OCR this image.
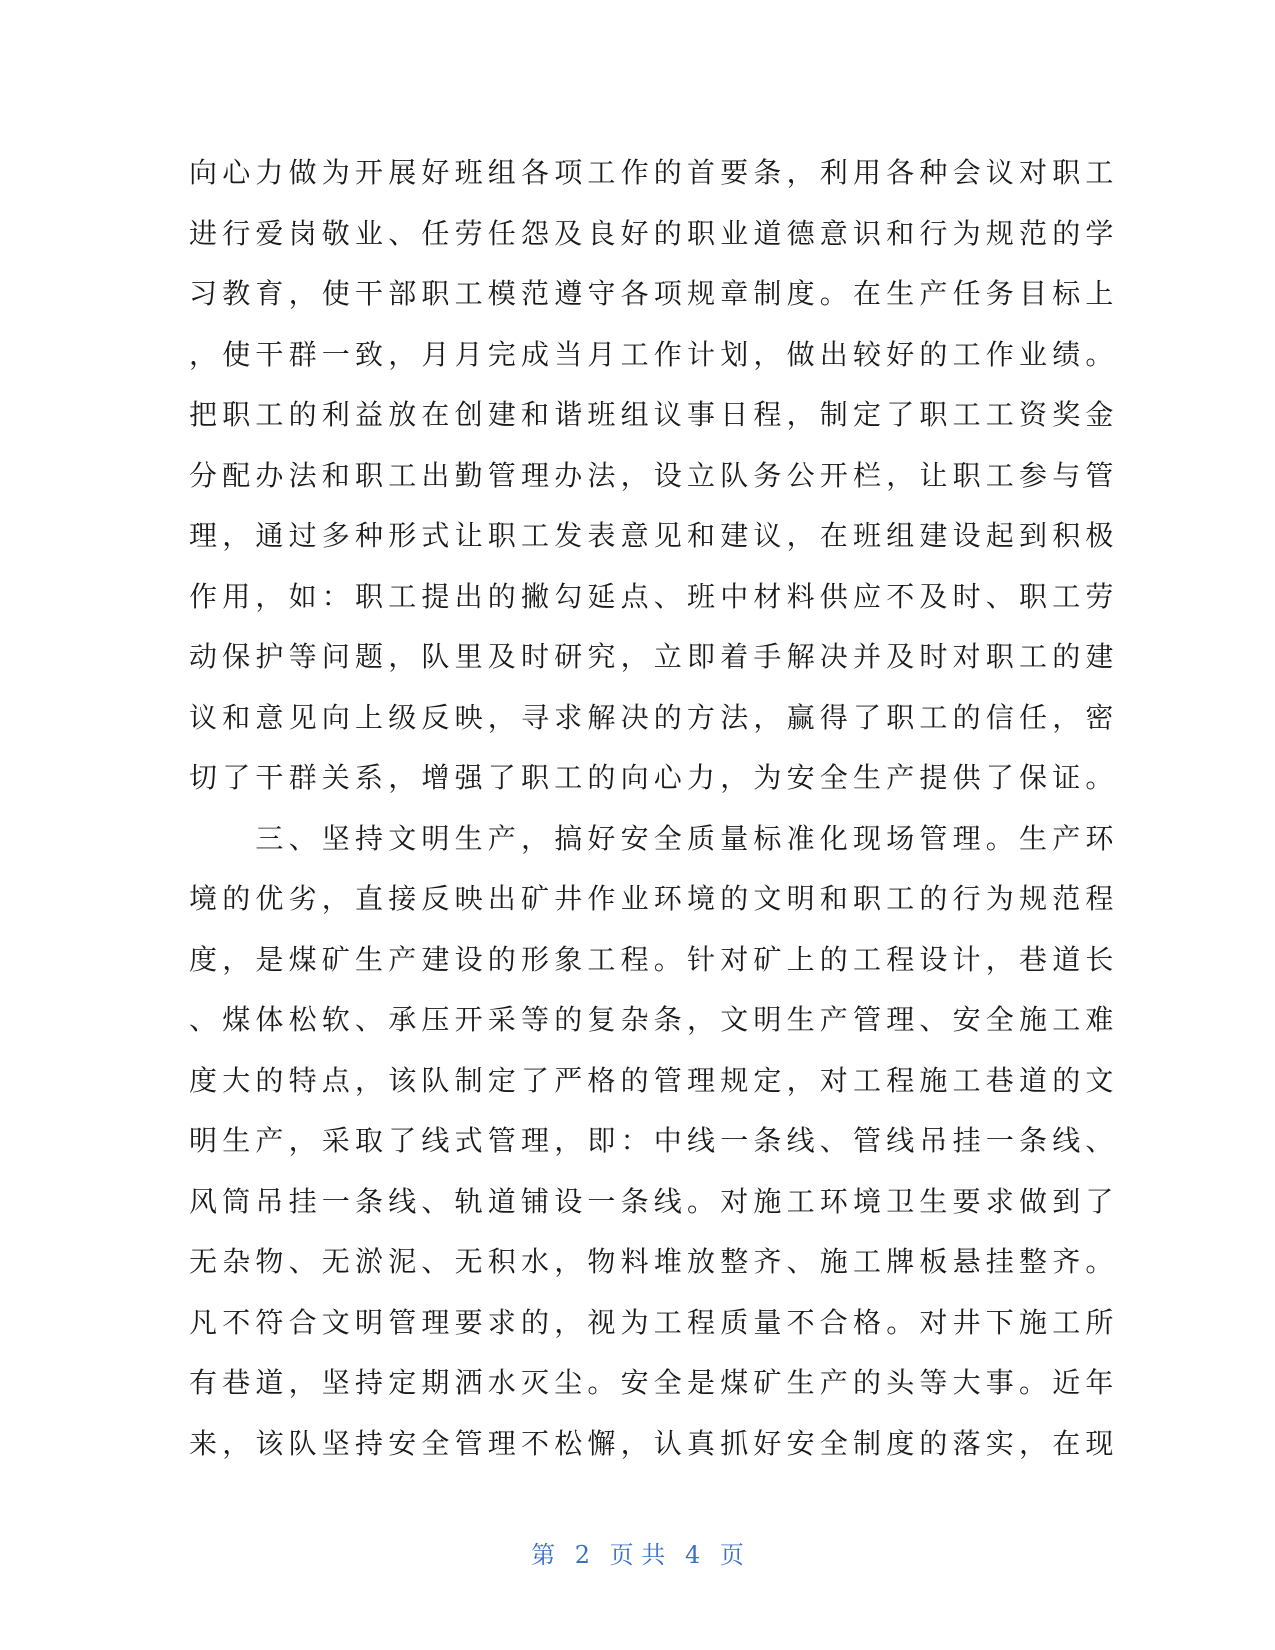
向心力做为开展好班组各项工作的首要条，利用各种会议对职工
进行爱岗敬业、任劳任怨及良好的职业道德意识和行为规范的学
习教育，使干部职工模范遵守各项规章制度。在生产任务目标上
，使干群一致，月月完成当月工作计划，做出较好的工作业绩。
把职工的利益放在创建和谐班组议事日程，制定了职工工资奖金
分配办法和职工出勤管理办法，设立队务公开栏，让职工参与管
理，通过多种形式让职工发表意见和建议，在班组建设起到积极
作用，如：职工提出的撇勾延点、班中材料供应不及时、职工劳
动保护等问题，队里及时研究，立即着手解决并及时对职工的建
议和意见向上级反映，寻求解决的方法，赢得了职工的信任，密
切了干群关系，增强了职工的向心力，为安全生产提供了保证。
　　三、坚持文明生产，搞好安全质量标准化现场管理。生产环
境的优劣，直接反映出矿井作业环境的文明和职工的行为规范程
度，是煤矿生产建设的形象工程。针对矿上的工程设计，巷道长
、煤体松软、承压开采等的复杂条，文明生产管理、安全施工难
度大的特点，该队制定了严格的管理规定，对工程施工巷道的文
明生产，采取了线式管理，即：中线一条线、管线吊挂一条线、
风筒吊挂一条线、轨道铺设一条线。对施工环境卫生要求做到了
无杂物、无淤泥、无积水，物料堆放整齐、施工牌板悬挂整齐。
凡不符合文明管理要求的，视为工程质量不合格。对井下施工所
有巷道，坚持定期洒水灭尘。安全是煤矿生产的头等大事。近年
来，该队坚持安全管理不松懈，认真抓好安全制度的落实，在现
第 2 页 共 4 页
